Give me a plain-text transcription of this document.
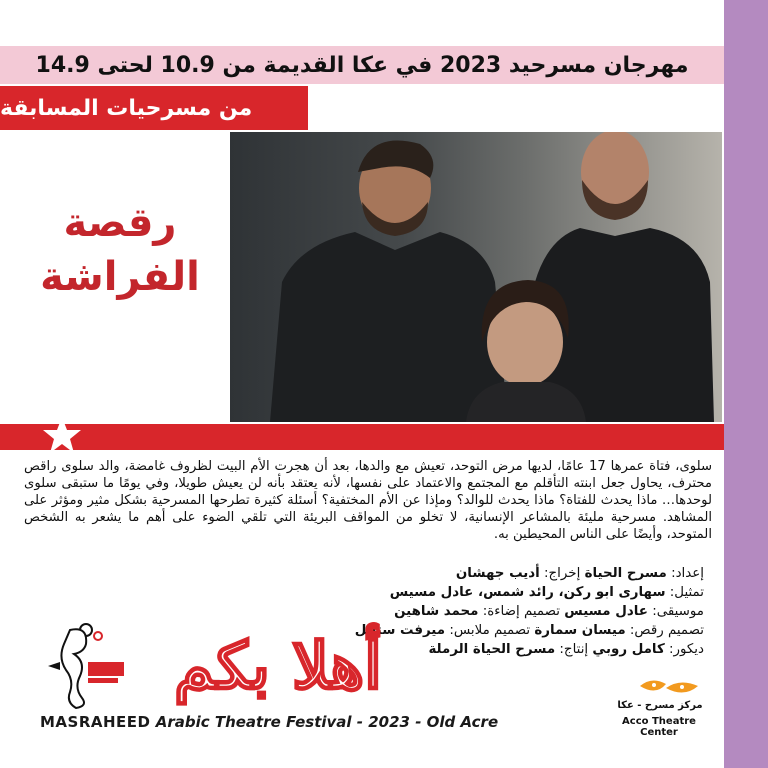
مهرجان مسرحيد 2023 في عكا القديمة من 10.9 لحتى 14.9
من مسرحيات المسابقة
رقصة
الفراشة
سلوى، فتاة عمرها 17 عامًا، لديها مرض التوحد، تعيش مع والدها، بعد أن هجرت الأم البيت لظروف غامضة، والد سلوى راقص محترف، يحاول جعل ابنته التأقلم مع المجتمع والاعتماد على نفسها، لأنه يعتقد بأنه لن يعيش طويلا، وفي يومًا ما ستبقى سلوى لوحدها… ماذا يحدث للفتاة؟ ماذا يحدث للوالد؟ ومإذا عن الأم المختفية؟ أسئلة كثيرة تطرحها المسرحية بشكل مثير ومؤثر على المشاهد. مسرحية مليئة بالمشاعر الإنسانية، لا تخلو من المواقف البريئة التي تلقي الضوء على أهم ما يشعر به الشخص المتوحد، وأيضًا على الناس المحيطين به.
إعداد: مسرح الحياة إخراج: أديب جهشان
تمثيل: سهارى ابو ركن، رائد شمس، عادل مسيس
موسيقى: عادل مسيس تصميم إضاءة: محمد شاهين
تصميم رقص: ميسان سمارة تصميم ملابس: ميرفت ستايل
ديكور: كامل روبي إنتاج: مسرح الحياة الرملة
أهلا بكم
مركز مسرح - عكا
Acco Theatre Center
MASRAHEED Arabic Theatre Festival - 2023 - Old Acre
